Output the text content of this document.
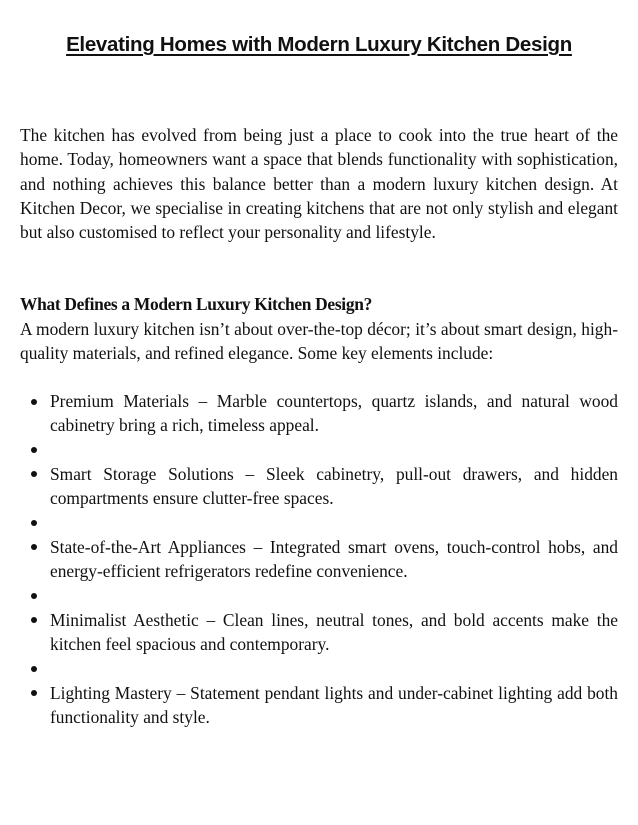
Elevating Homes with Modern Luxury Kitchen Design

The kitchen has evolved from being just a place to cook into the true heart of the home. Today, homeowners want a space that blends functionality with sophistication, and nothing achieves this balance better than a modern luxury kitchen design. At Kitchen Decor, we specialise in creating kitchens that are not only stylish and elegant but also customised to reflect your personality and lifestyle.

What Defines a Modern Luxury Kitchen Design?

A modern luxury kitchen isn’t about over-the-top décor; it’s about smart design, high-quality materials, and refined elegance. Some key elements include:

Premium Materials – Marble countertops, quartz islands, and natural wood cabinetry bring a rich, timeless appeal.
Smart Storage Solutions – Sleek cabinetry, pull-out drawers, and hidden compartments ensure clutter-free spaces.
State-of-the-Art Appliances – Integrated smart ovens, touch-control hobs, and energy-efficient refrigerators redefine convenience.
Minimalist Aesthetic – Clean lines, neutral tones, and bold accents make the kitchen feel spacious and contemporary.
Lighting Mastery – Statement pendant lights and under-cabinet lighting add both functionality and style.
